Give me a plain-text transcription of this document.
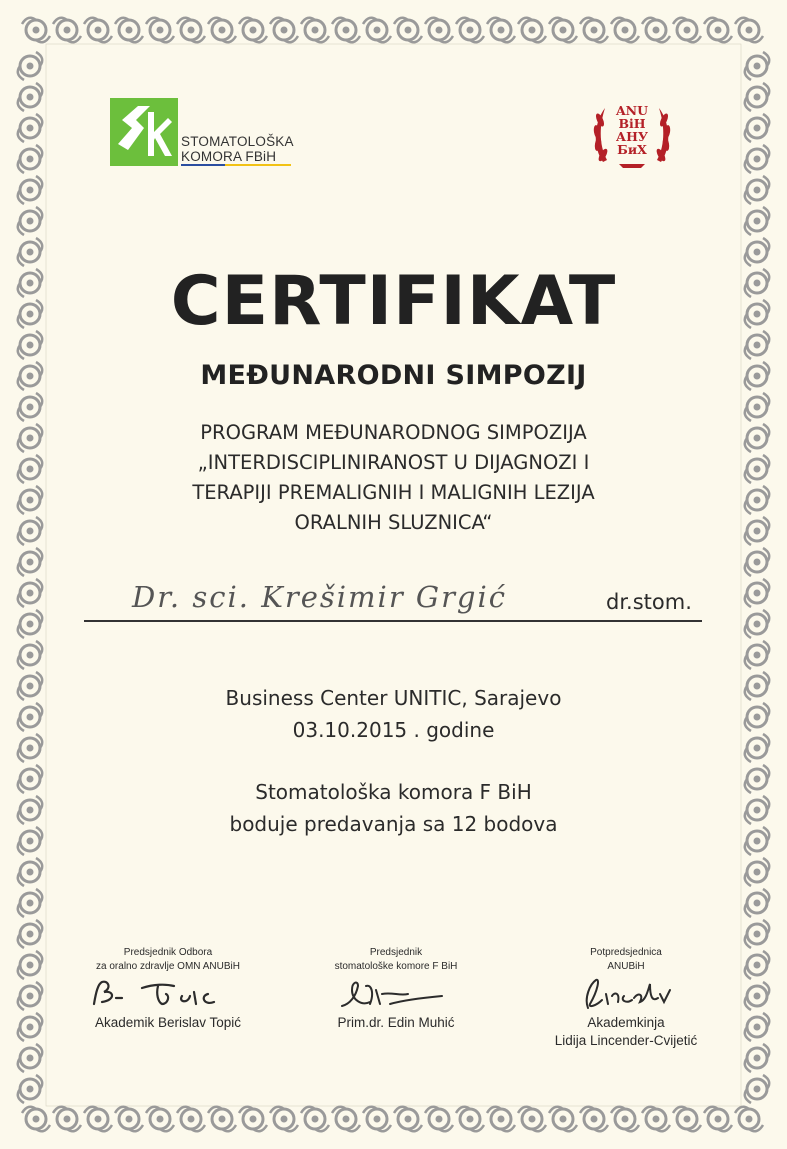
STOMATOLOŠKA
KOMORA FBiH
ANU
BiH
АНУ
БиХ
CERTIFIKAT
MEĐUNARODNI SIMPOZIJ
PROGRAM MEĐUNARODNOG SIMPOZIJA
„INTERDISCIPLINIRANOST U DIJAGNOZI I
TERAPIJI PREMALIGNIH I MALIGNIH LEZIJA
ORALNIH SLUZNICA“
Dr. sci. Krešimir Grgić	dr.stom.
Business Center UNITIC, Sarajevo
03.10.2015 . godine
Stomatološka komora F BiH
boduje predavanja sa 12 bodova
Predsjednik Odbora
za oralno zdravlje OMN ANUBiH
Akademik Berislav Topić
Predsjednik
stomatološke komore F BiH
Prim.dr. Edin Muhić
Potpredsjednica
ANUBiH
Akademkinja
Lidija Lincender-Cvijetić
